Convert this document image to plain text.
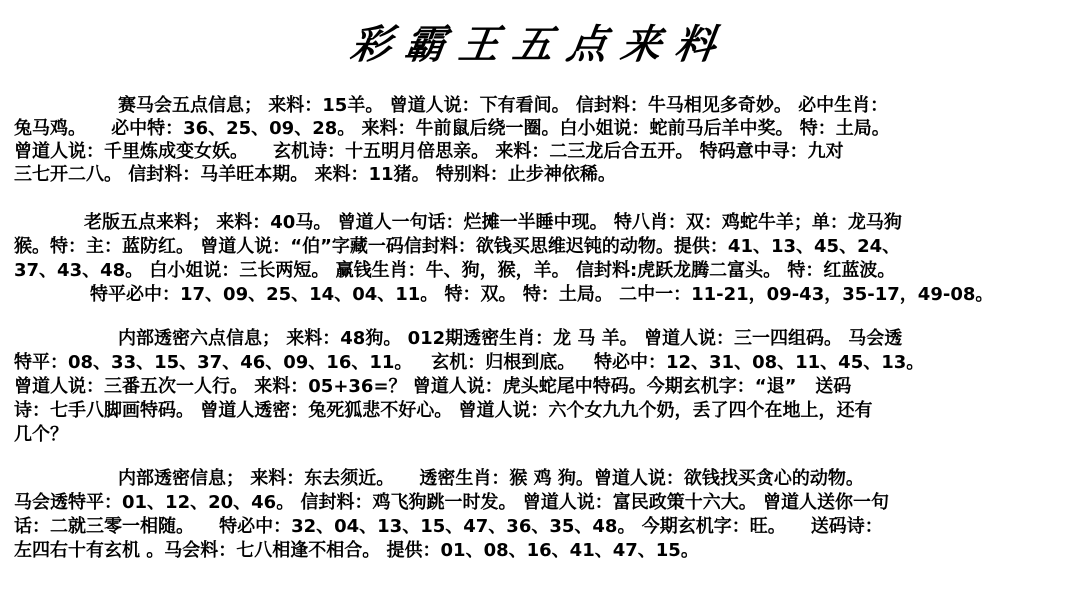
彩霸王五点来料
赛马会五点信息； 来料：15羊。 曾道人说：下有看间。 信封料：牛马相见多奇妙。 必中生肖：
兔马鸡。    必中特：36、25、09、28。 来料：牛前鼠后绕一圈。白小姐说：蛇前马后羊中奖。 特：土局。
曾道人说：千里炼成变女妖。    玄机诗：十五明月倍思亲。 来料：二三龙后合五开。 特码意中寻：九对
三七开二八。 信封料：马羊旺本期。 来料：11猪。 特别料：止步神依稀。
老版五点来料； 来料：40马。 曾道人一句话：烂摊一半睡中现。 特八肖：双：鸡蛇牛羊；单：龙马狗
猴。特：主：蓝防红。 曾道人说：“伯”字藏一码信封料：欲钱买思维迟钝的动物。提供：41、13、45、24、
37、43、48。 白小姐说：三长两短。 赢钱生肖：牛、狗，猴，羊。 信封料:虎跃龙腾二富头。 特：红蓝波。
特平必中：17、09、25、14、04、11。 特：双。 特：土局。 二中一：11-21，09-43，35-17，49-08。
内部透密六点信息； 来料：48狗。 012期透密生肖：龙 马 羊。 曾道人说：三一四组码。 马会透
特平：08、33、15、37、46、09、16、11。   玄机：归根到底。   特必中：12、31、08、11、45、13。
曾道人说：三番五次一人行。 来料：05+36=？ 曾道人说：虎头蛇尾中特码。今期玄机字：“退”   送码
诗：七手八脚画特码。 曾道人透密：兔死狐悲不好心。 曾道人说：六个女九九个奶，丢了四个在地上，还有
几个？
内部透密信息； 来料：东去须近。    透密生肖：猴 鸡 狗。曾道人说：欲钱找买贪心的动物。
马会透特平：01、12、20、46。 信封料：鸡飞狗跳一时发。 曾道人说：富民政策十六大。 曾道人送你一句
话：二就三零一相随。    特必中：32、04、13、15、47、36、35、48。 今期玄机字：旺。    送码诗：
左四右十有玄机 。马会料：七八相逢不相合。 提供：01、08、16、41、47、15。
